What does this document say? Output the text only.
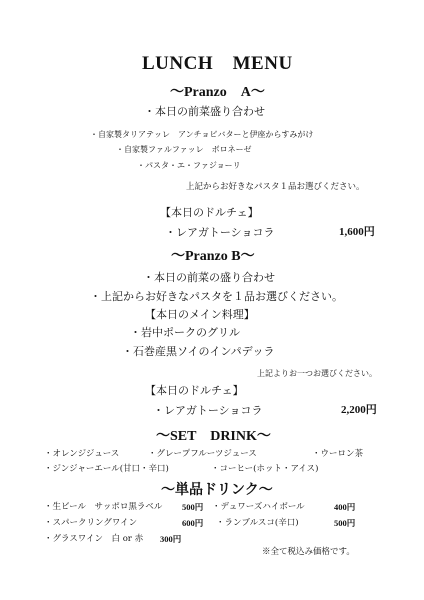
LUNCH　MENU
～Pranzo　A～
・本日の前菜盛り合わせ
・自家製タリアテッレ　アンチョビバターと伊座からすみがけ
・自家製ファルファッレ　ボロネーゼ
・パスタ・エ・ファジョーリ
上記からお好きなパスタ１品お選びください。
【本日のドルチェ】
・レアガトーショコラ	1,600円
～Pranzo B～
・本日の前菜の盛り合わせ
・上記からお好きなパスタを１品お選びください。
【本日のメイン料理】
・岩中ポークのグリル
・石巻産黒ソイのインパデッラ
上記よりお一つお選びください。
【本日のドルチェ】
・レアガトーショコラ	2,200円
～SET　DRINK～
・オレンジジュース	・グレープフルーツジュース	・ウーロン茶
・ジンジャーエール(甘口・辛口)	・コーヒー(ホット・アイス)
～単品ドリンク～
・生ビール　サッポロ黒ラベル 500円 ・デュワーズハイボール	400円
・スパークリングワイン	600円 ・ランブルスコ(辛口)	500円
・グラスワイン　白 or 赤 300円
※全て税込み価格です。
